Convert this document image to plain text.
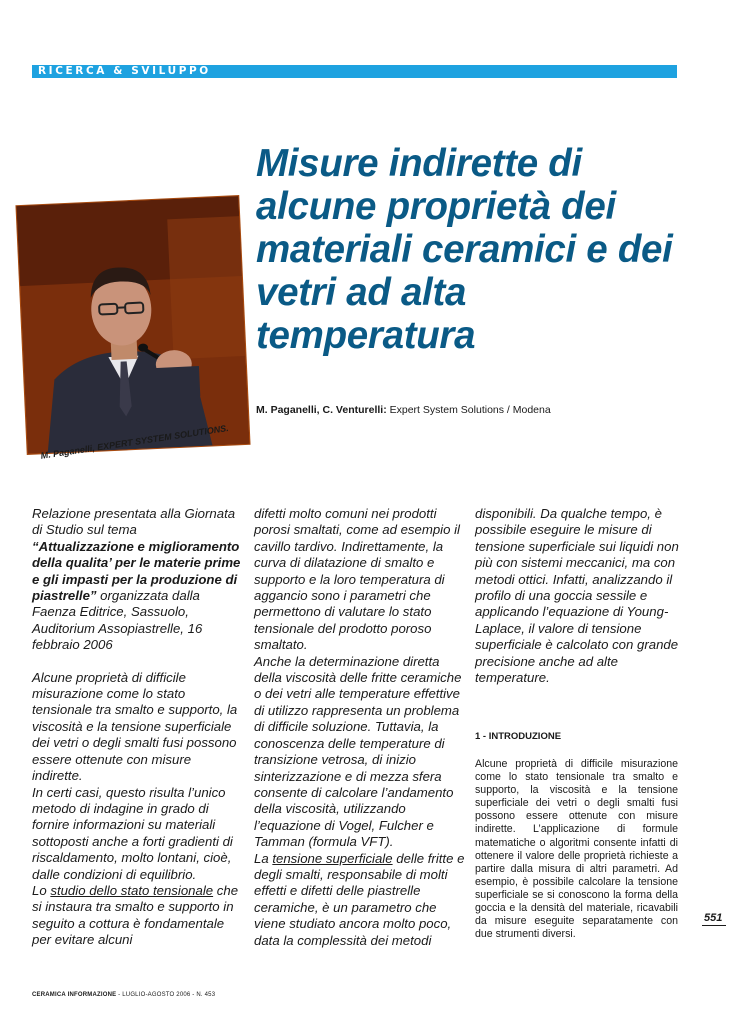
RICERCA & SVILUPPO
M. Paganelli, EXPERT SYSTEM SOLUTIONS.
Misure indirette di alcune proprietà dei materiali ceramici e dei vetri ad alta temperatura
M. Paganelli, C. Venturelli: Expert System Solutions / Modena

Relazione presentata alla Giornata di Studio sul tema
“Attualizzazione e miglioramento della qualita’ per le materie prime e gli impasti per la produzione di piastrelle” organizzata dalla Faenza Editrice, Sassuolo, Auditorium Assopiastrelle, 16 febbraio 2006

Alcune proprietà di difficile misurazione come lo stato tensionale tra smalto e supporto, la viscosità e la tensione superficiale dei vetri o degli smalti fusi possono essere ottenute con misure indirette.

In certi casi, questo risulta l’unico metodo di indagine in grado di fornire informazioni su materiali sottoposti anche a forti gradienti di riscaldamento, molto lontani, cioè, dalle condizioni di equilibrio.

Lo studio dello stato tensionale che si instaura tra smalto e supporto in seguito a cottura è fondamentale per evitare alcuni

difetti molto comuni nei prodotti porosi smaltati, come ad esempio il cavillo tardivo. Indirettamente, la curva di dilatazione di smalto e supporto e la loro temperatura di aggancio sono i parametri che permettono di valutare lo stato tensionale del prodotto poroso smaltato.

Anche la determinazione diretta della viscosità delle fritte ceramiche o dei vetri alle temperature effettive di utilizzo rappresenta un problema di difficile soluzione. Tuttavia, la conoscenza delle temperature di transizione vetrosa, di inizio sinterizzazione e di mezza sfera consente di calcolare l’andamento della viscosità, utilizzando l’equazione di Vogel, Fulcher e Tamman (formula VFT).

La tensione superficiale delle fritte e degli smalti, responsabile di molti effetti e difetti delle piastrelle ceramiche, è un parametro che viene studiato ancora molto poco, data la complessità dei metodi

disponibili. Da qualche tempo, è possibile eseguire le misure di tensione superficiale sui liquidi non più con sistemi meccanici, ma con metodi ottici. Infatti, analizzando il profilo di una goccia sessile e applicando l’equazione di Young-Laplace, il valore di tensione superficiale è calcolato con grande precisione anche ad alte temperature.

1 - INTRODUZIONE
Alcune proprietà di difficile misurazione come lo stato tensionale tra smalto e supporto, la viscosità e la tensione superficiale dei vetri o degli smalti fusi possono essere ottenute con misure indirette. L’applicazione di formule matematiche o algoritmi consente infatti di ottenere il valore delle proprietà richieste a partire dalla misura di altri parametri. Ad esempio, è possibile calcolare la tensione superficiale se si conoscono la forma della goccia e la densità del materiale, ricavabili da misure eseguite separatamente con due strumenti diversi.
551
CERAMICA INFORMAZIONE - LUGLIO-AGOSTO 2006 - N. 453
